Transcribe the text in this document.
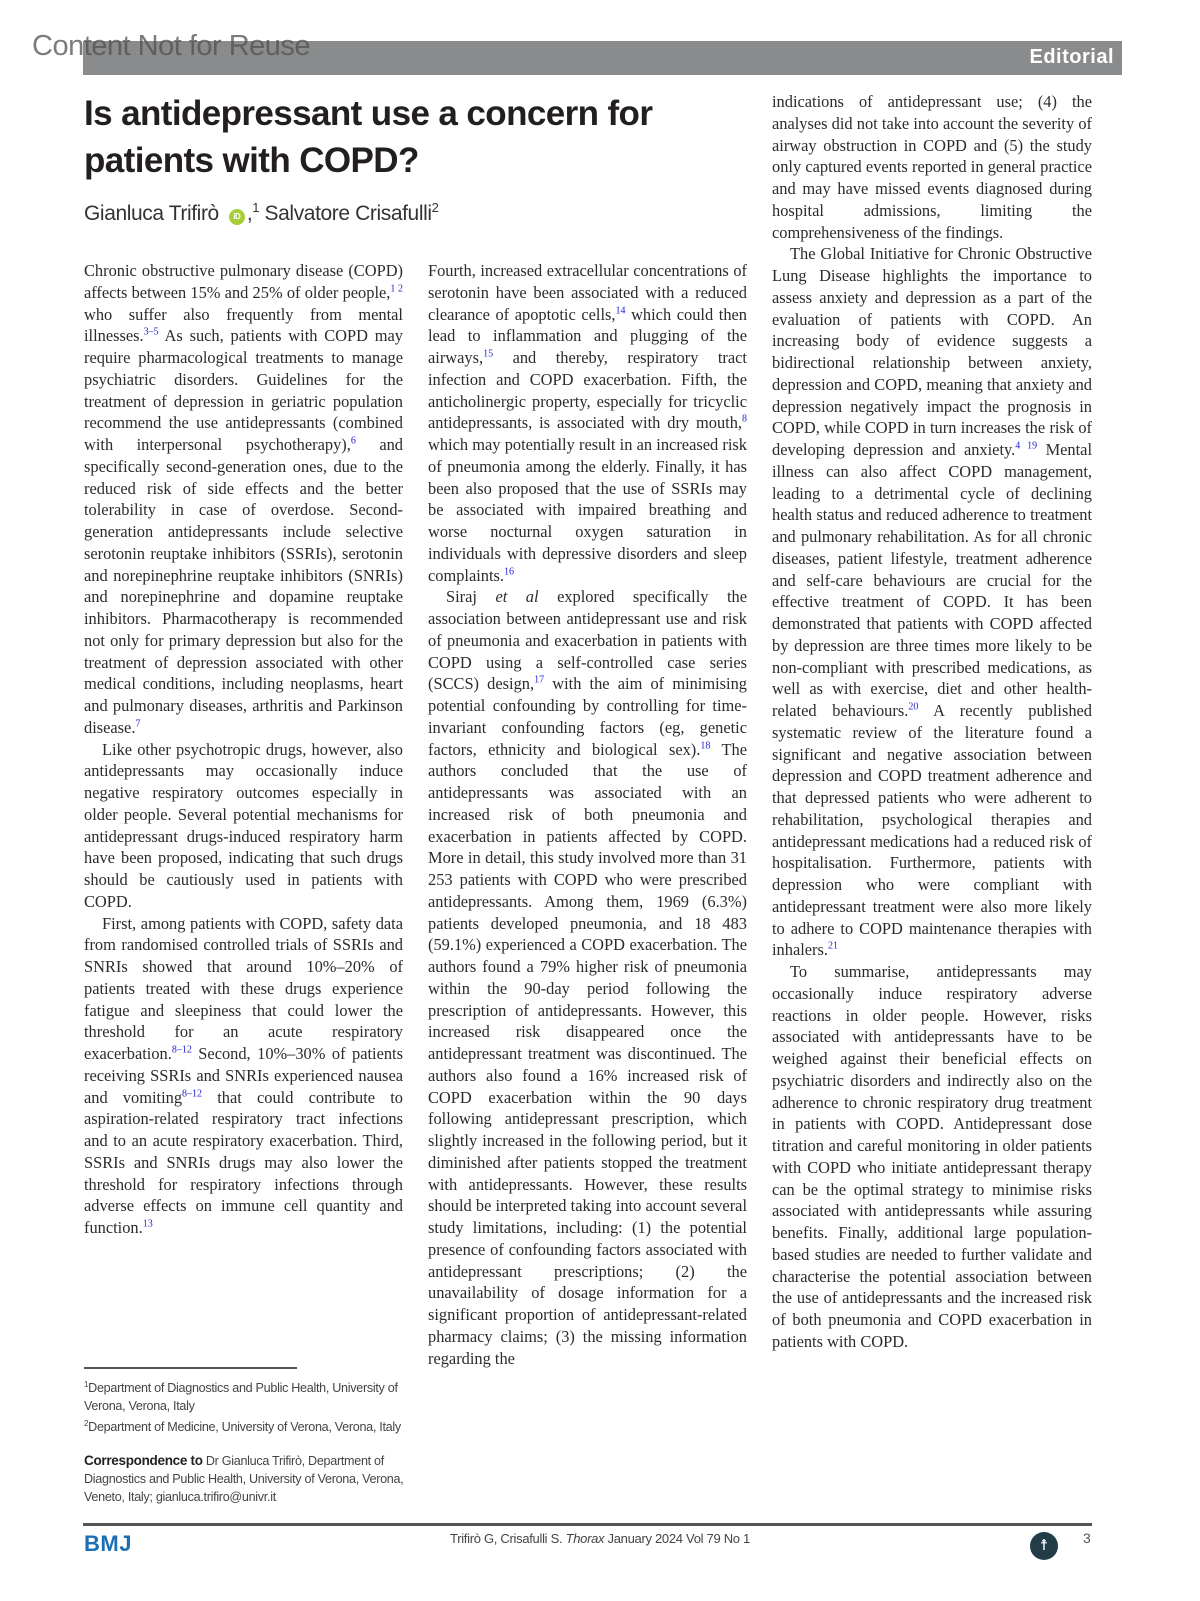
Content Not for Reuse	Editorial
Is antidepressant use a concern for patients with COPD?
Gianluca Trifirò iD ,$^1$ Salvatore Crisafulli$^2$

Chronic obstructive pulmonary disease (COPD) affects between 15% and 25% of older people,$^{1 2}$ who suffer also frequently from mental illnesses.$^{3-5}$ As such, patients with COPD may require pharmacological treatments to manage psychiatric disorders. Guidelines for the treatment of depression in geriatric population recommend the use antidepressants (combined with interpersonal psychotherapy),$^6$ and specifically second-generation ones, due to the reduced risk of side effects and the better tolerability in case of overdose. Second-generation antidepressants include selective serotonin reuptake inhibitors (SSRIs), serotonin and norepinephrine reuptake inhibitors (SNRIs) and norepinephrine and dopamine reuptake inhibitors. Pharmacotherapy is recommended not only for primary depression but also for the treatment of depression associated with other medical conditions, including neoplasms, heart and pulmonary diseases, arthritis and Parkinson disease.$^7$

Like other psychotropic drugs, however, also antidepressants may occasionally induce negative respiratory outcomes especially in older people. Several potential mechanisms for antidepressant drugs-induced respiratory harm have been proposed, indicating that such drugs should be cautiously used in patients with COPD.

First, among patients with COPD, safety data from randomised controlled trials of SSRIs and SNRIs showed that around 10%–20% of patients treated with these drugs experience fatigue and sleepiness that could lower the threshold for an acute respiratory exacerbation.$^{8-12}$ Second, 10%–30% of patients receiving SSRIs and SNRIs experienced nausea and vomiting$^{8-12}$ that could contribute to aspiration-related respiratory tract infections and to an acute respiratory exacerbation. Third, SSRIs and SNRIs drugs may also lower the threshold for respiratory infections through adverse effects on immune cell quantity and function.$^{13}$

Fourth, increased extracellular concentrations of serotonin have been associated with a reduced clearance of apoptotic cells,$^{14}$ which could then lead to inflammation and plugging of the airways,$^{15}$ and thereby, respiratory tract infection and COPD exacerbation. Fifth, the anticholinergic property, especially for tricyclic antidepressants, is associated with dry mouth,$^8$ which may potentially result in an increased risk of pneumonia among the elderly. Finally, it has been also proposed that the use of SSRIs may be associated with impaired breathing and worse nocturnal oxygen saturation in individuals with depressive disorders and sleep complaints.$^{16}$

Siraj et al explored specifically the association between antidepressant use and risk of pneumonia and exacerbation in patients with COPD using a self-controlled case series (SCCS) design,$^{17}$ with the aim of minimising potential confounding by controlling for time-invariant confounding factors (eg, genetic factors, ethnicity and biological sex).$^{18}$ The authors concluded that the use of antidepressants was associated with an increased risk of both pneumonia and exacerbation in patients affected by COPD. More in detail, this study involved more than 31 253 patients with COPD who were prescribed antidepressants. Among them, 1969 (6.3%) patients developed pneumonia, and 18 483 (59.1%) experienced a COPD exacerbation. The authors found a 79% higher risk of pneumonia within the 90-day period following the prescription of antidepressants. However, this increased risk disappeared once the antidepressant treatment was discontinued. The authors also found a 16% increased risk of COPD exacerbation within the 90 days following antidepressant prescription, which slightly increased in the following period, but it diminished after patients stopped the treatment with antidepressants. However, these results should be interpreted taking into account several study limitations, including: (1) the potential presence of confounding factors associated with antidepressant prescriptions; (2) the unavailability of dosage information for a significant proportion of antidepressant-related pharmacy claims; (3) the missing information regarding the

indications of antidepressant use; (4) the analyses did not take into account the severity of airway obstruction in COPD and (5) the study only captured events reported in general practice and may have missed events diagnosed during hospital admissions, limiting the comprehensiveness of the findings.

The Global Initiative for Chronic Obstructive Lung Disease highlights the importance to assess anxiety and depression as a part of the evaluation of patients with COPD. An increasing body of evidence suggests a bidirectional relationship between anxiety, depression and COPD, meaning that anxiety and depression negatively impact the prognosis in COPD, while COPD in turn increases the risk of developing depression and anxiety.$^{4 19}$ Mental illness can also affect COPD management, leading to a detrimental cycle of declining health status and reduced adherence to treatment and pulmonary rehabilitation. As for all chronic diseases, patient lifestyle, treatment adherence and self-care behaviours are crucial for the effective treatment of COPD. It has been demonstrated that patients with COPD affected by depression are three times more likely to be non-compliant with prescribed medications, as well as with exercise, diet and other health-related behaviours.$^{20}$ A recently published systematic review of the literature found a significant and negative association between depression and COPD treatment adherence and that depressed patients who were adherent to rehabilitation, psychological therapies and antidepressant medications had a reduced risk of hospitalisation. Furthermore, patients with depression who were compliant with antidepressant treatment were also more likely to adhere to COPD maintenance therapies with inhalers.$^{21}$

To summarise, antidepressants may occasionally induce respiratory adverse reactions in older people. However, risks associated with antidepressants have to be weighed against their beneficial effects on psychiatric disorders and indirectly also on the adherence to chronic respiratory drug treatment in patients with COPD. Antidepressant dose titration and careful monitoring in older patients with COPD who initiate antidepressant therapy can be the optimal strategy to minimise risks associated with antidepressants while assuring benefits. Finally, additional large population-based studies are needed to further validate and characterise the potential association between the use of antidepressants and the increased risk of both pneumonia and COPD exacerbation in patients with COPD.

$^1$Department of Diagnostics and Public Health, University of Verona, Verona, Italy

$^2$Department of Medicine, University of Verona, Verona, Italy

Correspondence to Dr Gianluca Trifirò, Department of Diagnostics and Public Health, University of Verona, Verona, Veneto, Italy; gianluca.trifiro@univr.it
BMJ	Trifirò G, Crisafulli S. Thorax January 2024 Vol 79 No 1	☨	3
